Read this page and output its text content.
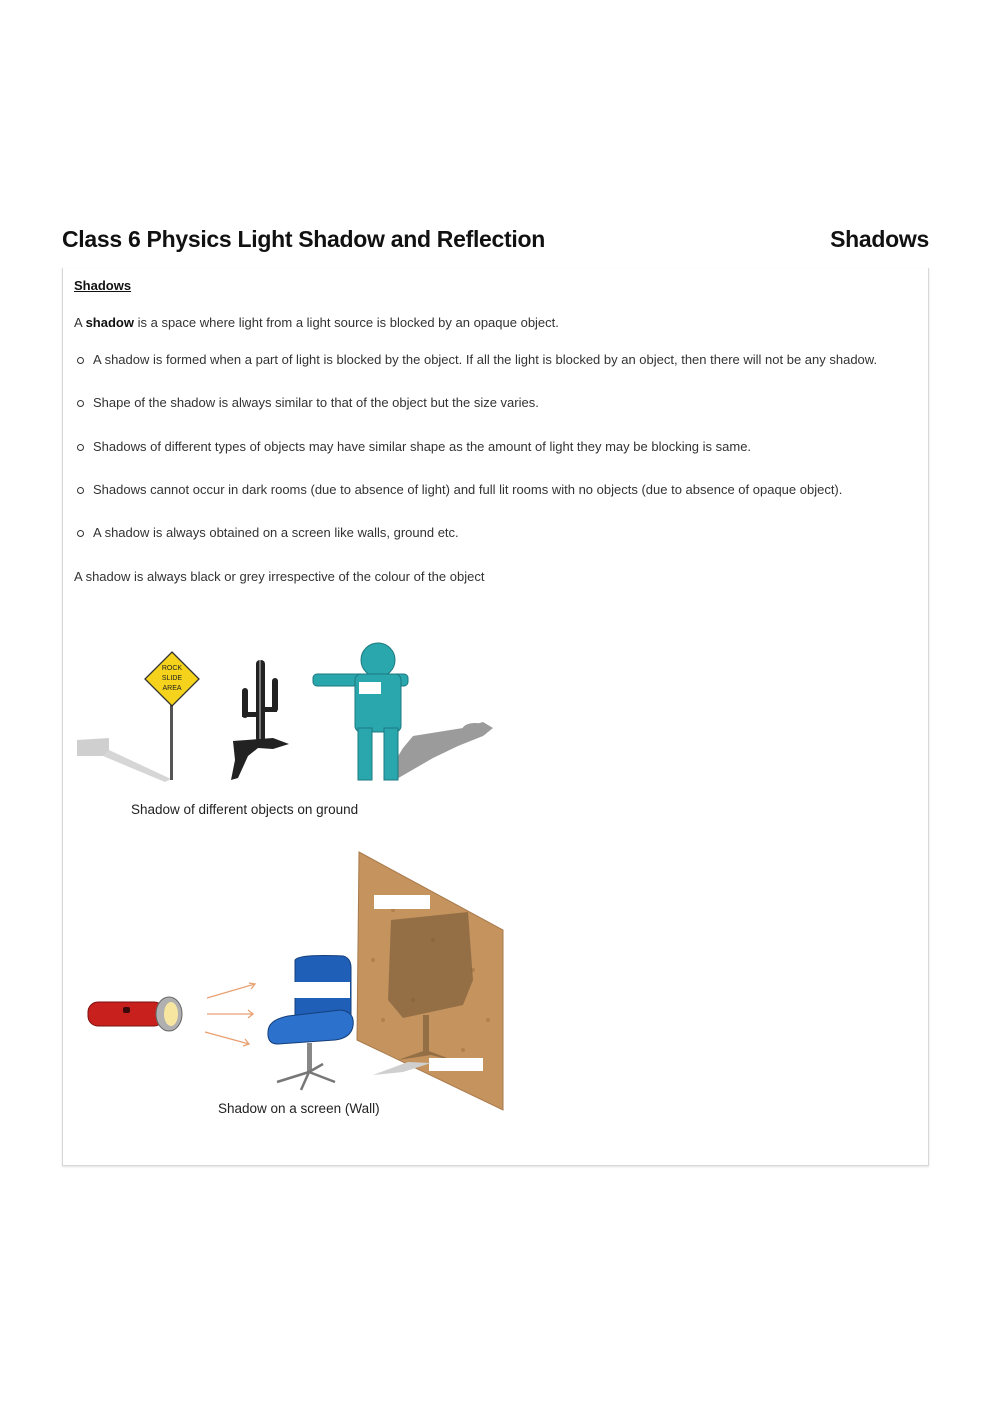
Class 6 Physics Light Shadow and Reflection	Shadows
Shadows
A shadow is a space where light from a light source is blocked by an opaque object.
A shadow is formed when a part of light is blocked by the object. If all the light is blocked by an object, then there will not be any shadow.
Shape of the shadow is always similar to that of the object but the size varies.
Shadows of different types of objects may have similar shape as the amount of light they may be blocking is same.
Shadows cannot occur in dark rooms (due to absence of light) and full lit rooms with no objects (due to absence of opaque object).
A shadow is always obtained on a screen like walls, ground etc.
A shadow is always black or grey irrespective of the colour of the object
ROCK
SLIDE
AREA
Shadow of different objects on ground
Shadow on a screen (Wall)
